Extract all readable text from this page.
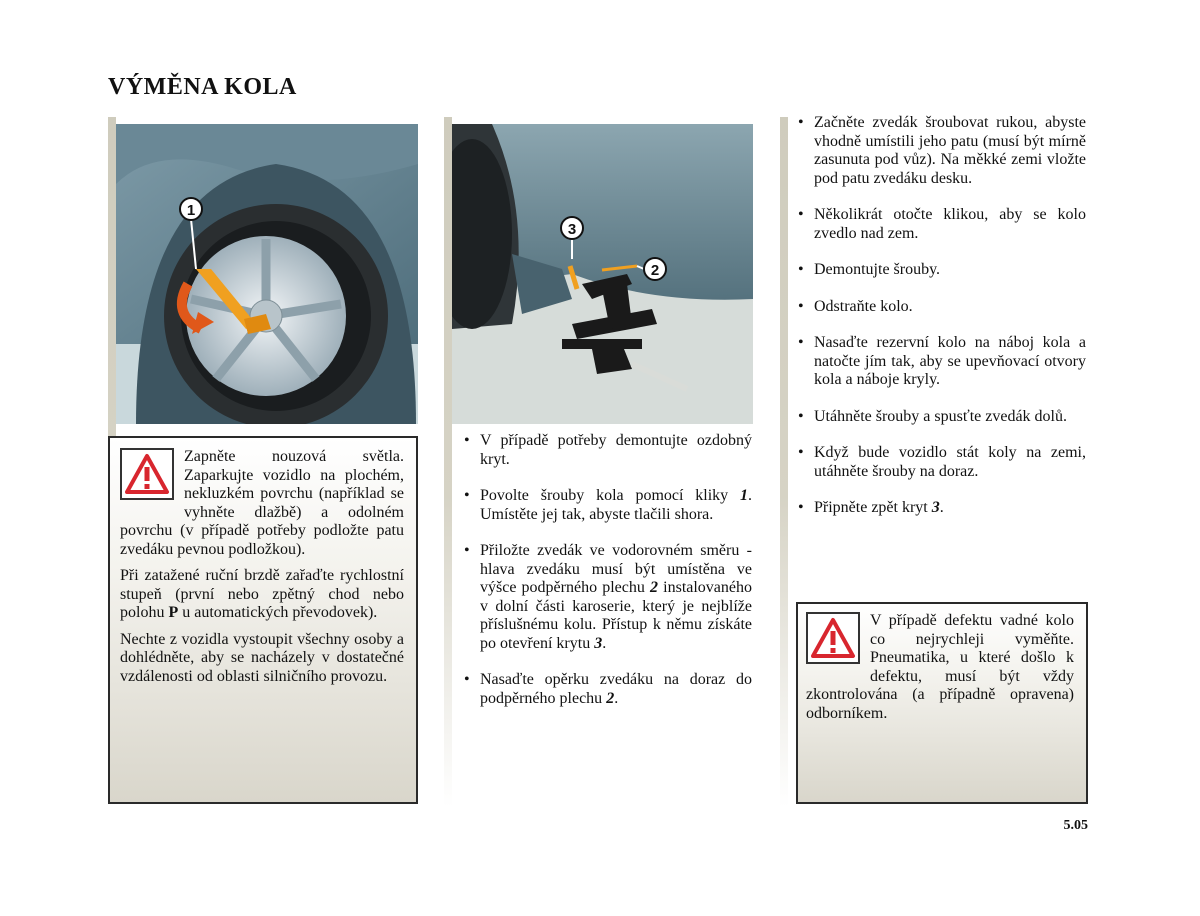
VÝMĚNA KOLA
1
3
2

Zapněte nouzová světla. Zaparkujte vozidlo na plochém, nekluzkém povrchu (například se vyhněte dlažbě) a odolném povrchu (v případě potřeby podložte patu zvedáku pevnou podložkou).

Při zatažené ruční brzdě zařaďte rychlostní stupeň (první nebo zpětný chod nebo polohu P u automatických převodovek).

Nechte z vozidla vystoupit všechny osoby a dohlédněte, aby se nacházely v dostatečné vzdálenosti od oblasti silničního provozu.

• V případě potřeby demontujte ozdobný kryt.
• Povolte šrouby kola pomocí kliky 1. Umístěte jej tak, abyste tlačili shora.
• Přiložte zvedák ve vodorovném směru - hlava zvedáku musí být umístěna ve výšce podpěrného plechu 2 instalovaného v dolní části karoserie, který je nejblíže příslušnému kolu. Přístup k němu získáte po otevření krytu 3.
• Nasaďte opěrku zvedáku na doraz do podpěrného plechu 2.
• Začněte zvedák šroubovat rukou, abyste vhodně umístili jeho patu (musí být mírně zasunuta pod vůz). Na měkké zemi vložte pod patu zvedáku desku.
• Několikrát otočte klikou, aby se kolo zvedlo nad zem.
• Demontujte šrouby.
• Odstraňte kolo.
• Nasaďte rezervní kolo na náboj kola a natočte jím tak, aby se upevňovací otvory kola a náboje kryly.
• Utáhněte šrouby a spusťte zvedák dolů.
• Když bude vozidlo stát koly na zemi, utáhněte šrouby na doraz.
• Připněte zpět kryt 3.
V případě defektu vadné kolo co nejrychleji vyměňte. Pneumatika, u které došlo k defektu, musí být vždy zkontrolována (a případně opravena) odborníkem.
5.05
